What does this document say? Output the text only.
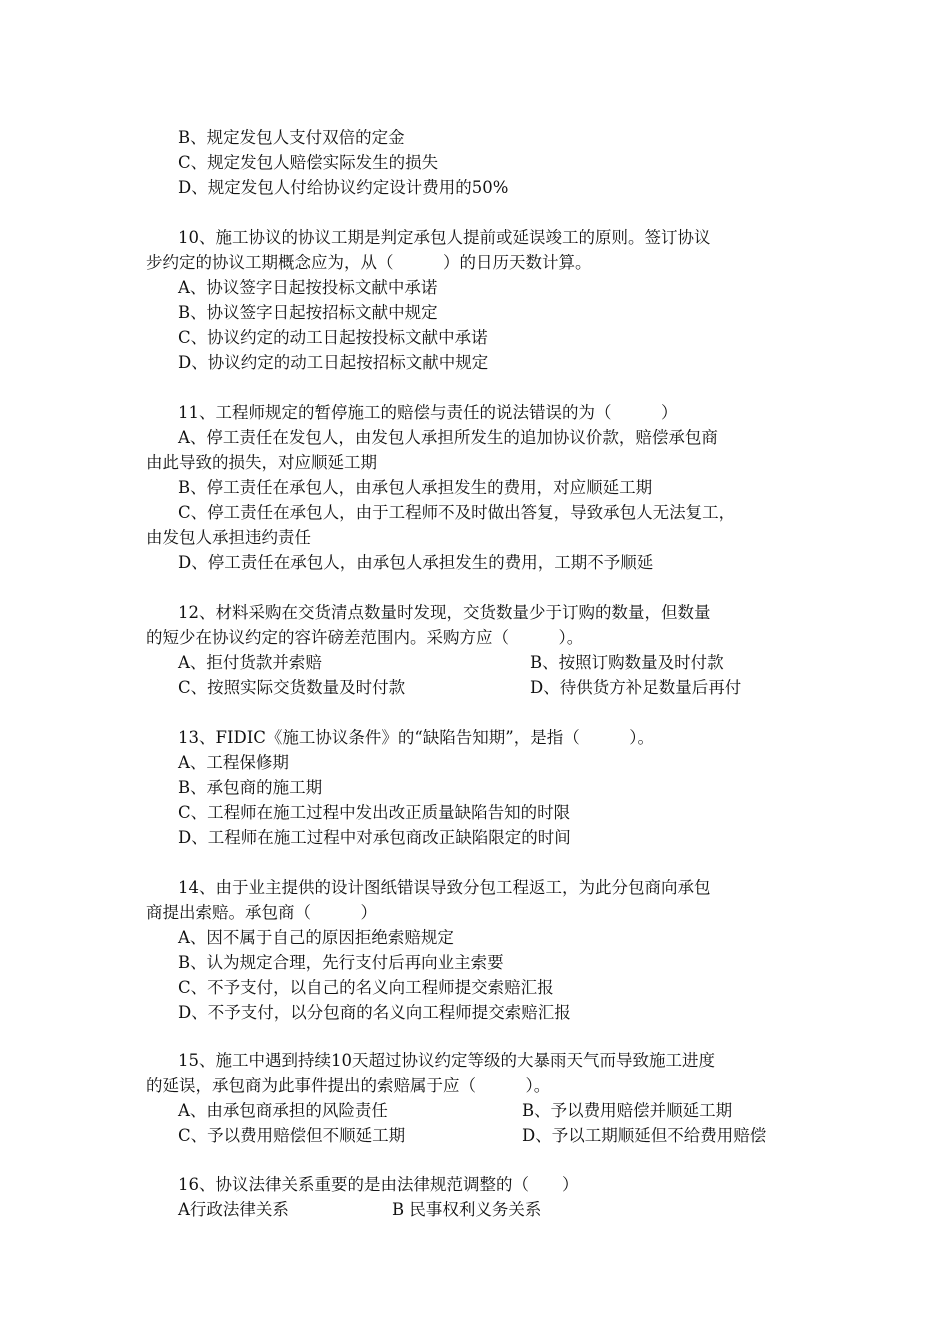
B、规定发包人支付双倍的定金
C、规定发包人赔偿实际发生的损失
D、规定发包人付给协议约定设计费用的50%
10、施工协议的协议工期是判定承包人提前或延误竣工的原则。签订协议
步约定的协议工期概念应为，从（　　　）的日历天数计算。
A、协议签字日起按投标文献中承诺
B、协议签字日起按招标文献中规定
C、协议约定的动工日起按投标文献中承诺
D、协议约定的动工日起按招标文献中规定
11、工程师规定的暂停施工的赔偿与责任的说法错误的为（　　　）
A、停工责任在发包人，由发包人承担所发生的追加协议价款，赔偿承包商
由此导致的损失，对应顺延工期
B、停工责任在承包人，由承包人承担发生的费用，对应顺延工期
C、停工责任在承包人，由于工程师不及时做出答复，导致承包人无法复工，
由发包人承担违约责任
D、停工责任在承包人，由承包人承担发生的费用，工期不予顺延
12、材料采购在交货清点数量时发现，交货数量少于订购的数量，但数量
的短少在协议约定的容许磅差范围内。采购方应（　　　）。
A、拒付货款并索赔	B、按照订购数量及时付款
C、按照实际交货数量及时付款	D、待供货方补足数量后再付
13、FIDIC《施工协议条件》的“缺陷告知期”，是指（　　　）。
A、工程保修期
B、承包商的施工期
C、工程师在施工过程中发出改正质量缺陷告知的时限
D、工程师在施工过程中对承包商改正缺陷限定的时间
14、由于业主提供的设计图纸错误导致分包工程返工，为此分包商向承包
商提出索赔。承包商（　　　）
A、因不属于自己的原因拒绝索赔规定
B、认为规定合理，先行支付后再向业主索要
C、不予支付，以自己的名义向工程师提交索赔汇报
D、不予支付，以分包商的名义向工程师提交索赔汇报
15、施工中遇到持续10天超过协议约定等级的大暴雨天气而导致施工进度
的延误，承包商为此事件提出的索赔属于应（　　　）。
A、由承包商承担的风险责任	B、予以费用赔偿并顺延工期
C、予以费用赔偿但不顺延工期	D、予以工期顺延但不给费用赔偿
16、协议法律关系重要的是由法律规范调整的（　　）
A行政法律关系	B 民事权利义务关系
